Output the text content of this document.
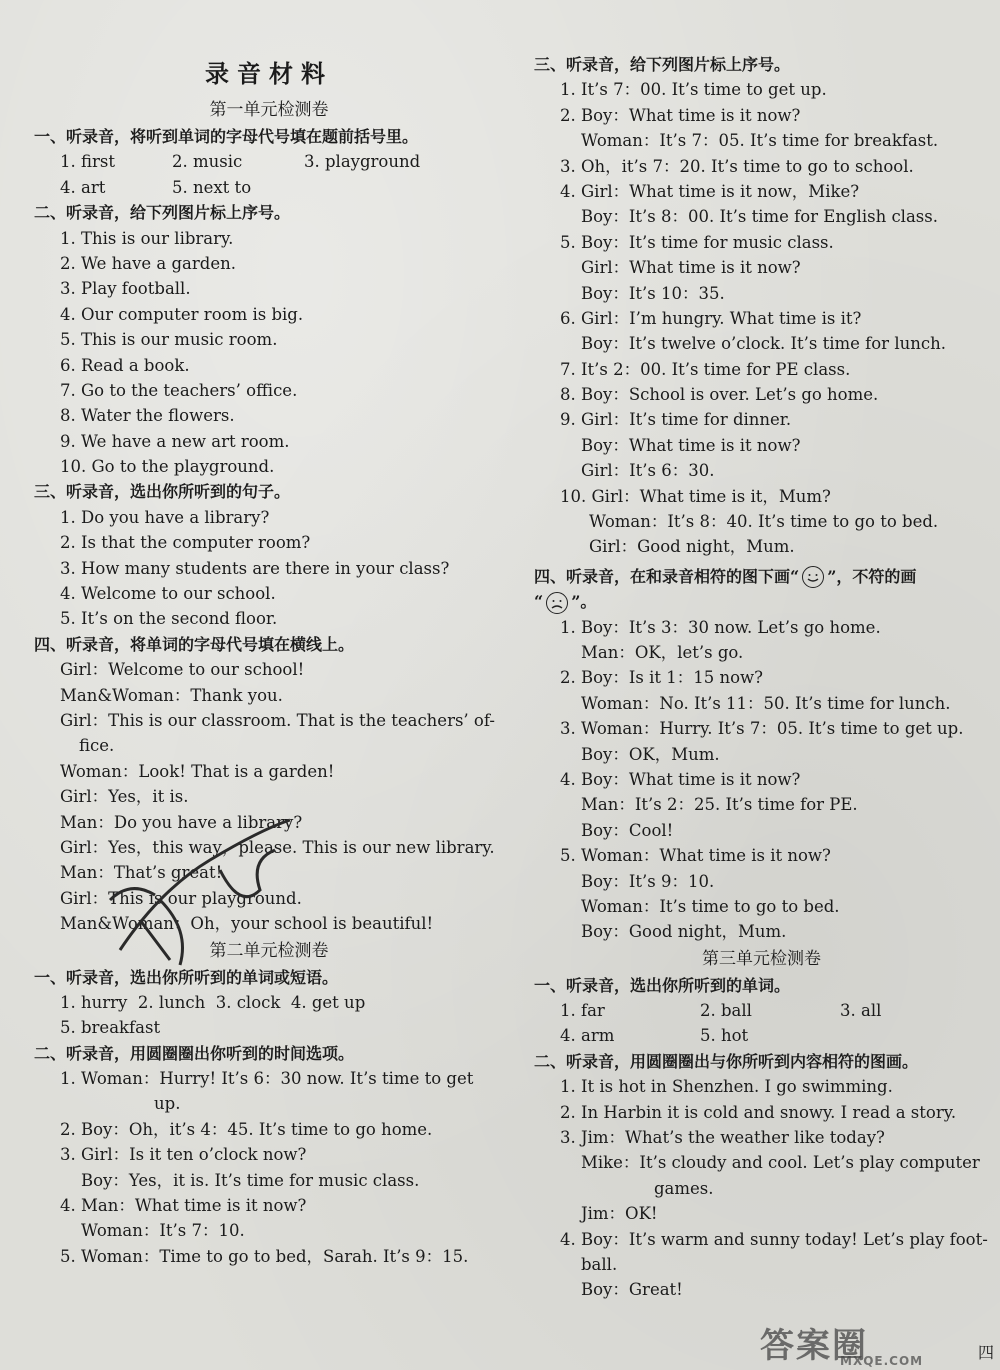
录音材料
第一单元检测卷
一、听录音，将听到单词的字母代号填在题前括号里。
1. first	2. music	3. playground
4. art	5. next to
二、听录音，给下列图片标上序号。
1. This is our library.
2. We have a garden.
3. Play football.
4. Our computer room is big.
5. This is our music room.
6. Read a book.
7. Go to the teachers’ office.
8. Water the flowers.
9. We have a new art room.
10. Go to the playground.
三、听录音，选出你所听到的句子。
1. Do you have a library?
2. Is that the computer room?
3. How many students are there in your class?
4. Welcome to our school.
5. It’s on the second floor.
四、听录音，将单词的字母代号填在横线上。
Girl：Welcome to our school!
Man&Woman：Thank you.
Girl：This is our classroom. That is the teachers’ of-
fice.
Woman：Look! That is a garden!
Girl：Yes，it is.
Man：Do you have a library?
Girl：Yes，this way，please. This is our new library.
Man：That’s great!
Girl：This is our playground.
Man&Woman：Oh，your school is beautiful!
第二单元检测卷
一、听录音，选出你所听到的单词或短语。
1. hurry  2. lunch  3. clock  4. get up
5. breakfast
二、听录音，用圆圈圈出你听到的时间选项。
1. Woman：Hurry! It’s 6：30 now. It’s time to get
up.
2. Boy：Oh，it’s 4：45. It’s time to go home.
3. Girl：Is it ten o’clock now?
Boy：Yes，it is. It’s time for music class.
4. Man：What time is it now?
Woman：It’s 7：10.
5. Woman：Time to go to bed，Sarah. It’s 9：15.
三、听录音，给下列图片标上序号。
1. It’s 7：00. It’s time to get up.
2. Boy：What time is it now?
Woman：It’s 7：05. It’s time for breakfast.
3. Oh，it’s 7：20. It’s time to go to school.
4. Girl：What time is it now，Mike?
Boy：It’s 8：00. It’s time for English class.
5. Boy：It’s time for music class.
Girl：What time is it now?
Boy：It’s 10：35.
6. Girl：I’m hungry. What time is it?
Boy：It’s twelve o’clock. It’s time for lunch.
7. It’s 2：00. It’s time for PE class.
8. Boy：School is over. Let’s go home.
9. Girl：It’s time for dinner.
Boy：What time is it now?
Girl：It’s 6：30.
10. Girl：What time is it，Mum?
Woman：It’s 8：40. It’s time to go to bed.
Girl：Good night，Mum.
四、听录音，在和录音相符的图下画“ ”，不符的画
“ ”。
1. Boy：It’s 3：30 now. Let’s go home.
Man：OK，let’s go.
2. Boy：Is it 1：15 now?
Woman：No. It’s 11：50. It’s time for lunch.
3. Woman：Hurry. It’s 7：05. It’s time to get up.
Boy：OK，Mum.
4. Boy：What time is it now?
Man：It’s 2：25. It’s time for PE.
Boy：Cool!
5. Woman：What time is it now?
Boy：It’s 9：10.
Woman：It’s time to go to bed.
Boy：Good night，Mum.
第三单元检测卷
一、听录音，选出你所听到的单词。
1. far	2. ball	3. all
4. arm	5. hot
二、听录音，用圆圈圈出与你所听到内容相符的图画。
1. It is hot in Shenzhen. I go swimming.
2. In Harbin it is cold and snowy. I read a story.
3. Jim：What’s the weather like today?
Mike：It’s cloudy and cool. Let’s play computer
games.
Jim：OK!
4. Boy：It’s warm and sunny today! Let’s play foot-
ball.
Boy：Great!
答案圈
MXQE.COM	四
